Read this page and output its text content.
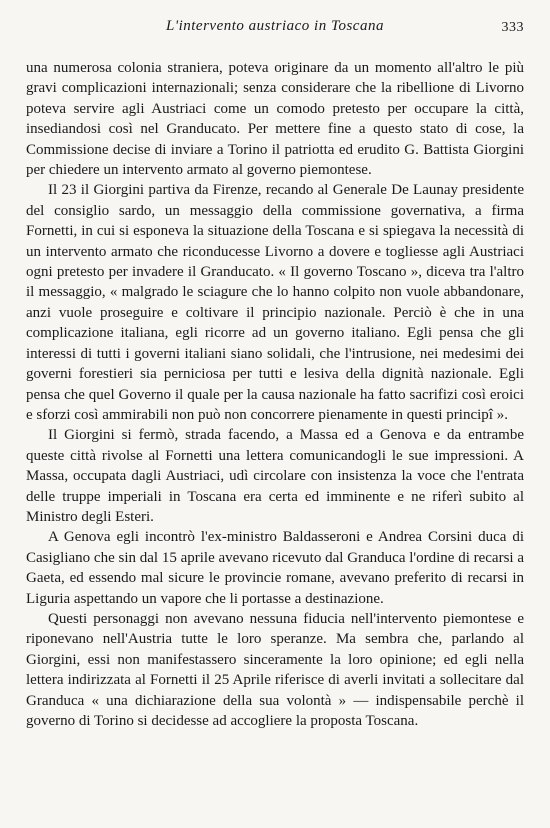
L'intervento austriaco in Toscana	333

una numerosa colonia straniera, poteva originare da un momento all'altro le più gravi complicazioni internazionali; senza considerare che la ribellione di Livorno poteva servire agli Austriaci come un comodo pretesto per occupare la città, insediandosi così nel Granducato. Per mettere fine a questo stato di cose, la Commissione decise di inviare a Torino il patriotta ed erudito G. Battista Giorgini per chiedere un intervento armato al governo piemontese.

Il 23 il Giorgini partiva da Firenze, recando al Generale De Launay presidente del consiglio sardo, un messaggio della commissione governativa, a firma Fornetti, in cui si esponeva la situazione della Toscana e si spiegava la necessità di un intervento armato che riconducesse Livorno a dovere e togliesse agli Austriaci ogni pretesto per invadere il Granducato. « Il governo Toscano », diceva tra l'altro il messaggio, « malgrado le sciagure che lo hanno colpito non vuole abbandonare, anzi vuole proseguire e coltivare il principio nazionale. Perciò è che in una complicazione italiana, egli ricorre ad un governo italiano. Egli pensa che gli interessi di tutti i governi italiani siano solidali, che l'intrusione, nei medesimi dei governi forestieri sia perniciosa per tutti e lesiva della dignità nazionale. Egli pensa che quel Governo il quale per la causa nazionale ha fatto sacrifizi così eroici e sforzi così ammirabili non può non concorrere pienamente in questi principî ».

Il Giorgini si fermò, strada facendo, a Massa ed a Genova e da entrambe queste città rivolse al Fornetti una lettera comunicandogli le sue impressioni. A Massa, occupata dagli Austriaci, udì circolare con insistenza la voce che l'entrata delle truppe imperiali in Toscana era certa ed imminente e ne riferì subito al Ministro degli Esteri.

A Genova egli incontrò l'ex-ministro Baldasseroni e Andrea Corsini duca di Casigliano che sin dal 15 aprile avevano ricevuto dal Granduca l'ordine di recarsi a Gaeta, ed essendo mal sicure le provincie romane, avevano preferito di recarsi in Liguria aspettando un vapore che li portasse a destinazione.

Questi personaggi non avevano nessuna fiducia nell'intervento piemontese e riponevano nell'Austria tutte le loro speranze. Ma sembra che, parlando al Giorgini, essi non manifestassero sinceramente la loro opinione; ed egli nella lettera indirizzata al Fornetti il 25 Aprile riferisce di averli invitati a sollecitare dal Granduca « una dichiarazione della sua volontà » — indispensabile perchè il governo di Torino si decidesse ad accogliere la proposta Toscana.
